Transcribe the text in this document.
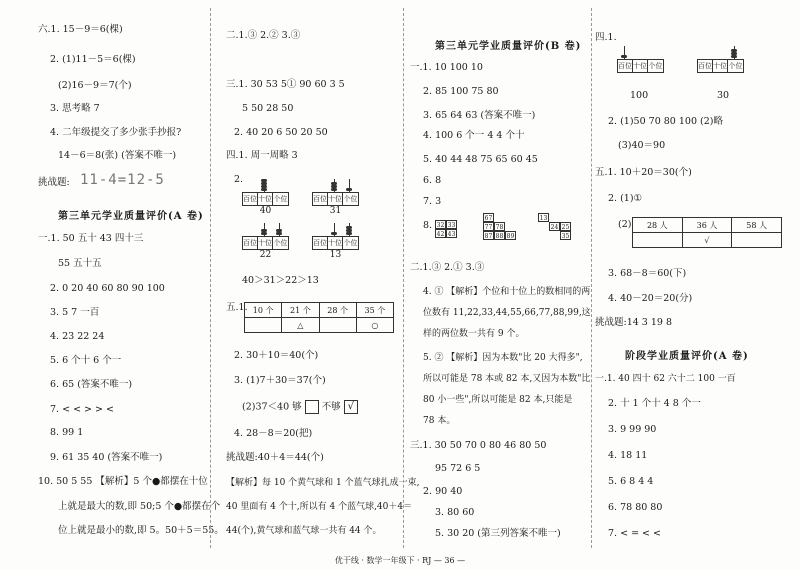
六.1. 15－9＝6(棵)
2. (1)11－5＝6(棵)
(2)16－9＝7(个)
3. 思考略 7
4. 二年级提交了多少张手抄报?
14－6＝8(张) (答案不唯一)
挑战题: 11-4=12-5
第三单元学业质量评价(A 卷)
一.1. 50 五十 43 四十三
55 五十五
2. 0 20 40 60 80 90 100
3. 5 7 一百
4. 23 22 24
5. 6 个十 6 个一
6. 65 (答案不唯一)
7. < < > > <
8. 99 1
9. 61 35 40 (答案不唯一)
10. 50 5 55 【解析】5 个●都摆在十位
上就是最大的数,即 50;5 个●都摆在个
位上就是最小的数,即 5。50＋5＝55。
二.1.③ 2.② 3.③
三.1. 30 53 5① 90 60 3 5
5 50 28 50
2. 40 20 6 50 20 50
四.1. 周一周略 3
2.
百位 十位 个位
40
百位 十位 个位
31
百位 十位 个位
22
百位 十位 个位
13
40＞31＞22＞13
五.1. 10 个	21 个	28 个	35 个
	△		○
2. 30＋10＝40(个)
3. (1)7＋30＝37(个)
(2)37＜40 够 不够 √
4. 28－8＝20(把)
挑战题:40＋4＝44(个)
【解析】每 10 个黄气球和 1 个蓝气球扎成一束,
40 里面有 4 个十,所以有 4 个蓝气球,40＋4＝
44(个),黄气球和蓝气球一共有 44 个。
第三单元学业质量评价(B 卷)
一.1. 10 100 10
2. 85 100 75 80
3. 65 64 63 (答案不唯一)
4. 100 6 个一 4 4 个十
5. 40 44 48 75 65 60 45
6. 8
7. 3
8. 32 33
42 43
67
77 78
87 88 89
13
24 25
35
二.1.③ 2.① 3.③
4. ① 【解析】个位和十位上的数相同的两
位数有 11,22,33,44,55,66,77,88,99,这
样的两位数一共有 9 个。
5. ② 【解析】因为本数"比 20 大得多",
所以可能是 78 本或 82 本,又因为本数"比
80 小一些",所以可能是 82 本,只能是
78 本。
三.1. 30 50 70 0 80 46 80 50
95 72 6 5
2. 90 40
3. 80 60
5. 30 20 (第三列答案不唯一)
四.1.
百位 十位 个位
100
百位 十位 个位
30
2. (1)50 70 80 100 (2)略
(3)40＝90
五.1. 10＋20＝30(个)
2. (1)①
(2) 28 人	36 人	58 人
	√	
3. 68－8＝60(下)
4. 40－20＝20(分)
挑战题:14 3 19 8
阶段学业质量评价(A 卷)
一.1. 40 四十 62 六十二 100 一百
2. 十 1 个十 4 8 个一
3. 9 99 90
4. 18 11
5. 6 8 4 4
6. 78 80 80
7. < = < <
优干线 · 数学一年级下 · RJ — 36 —
